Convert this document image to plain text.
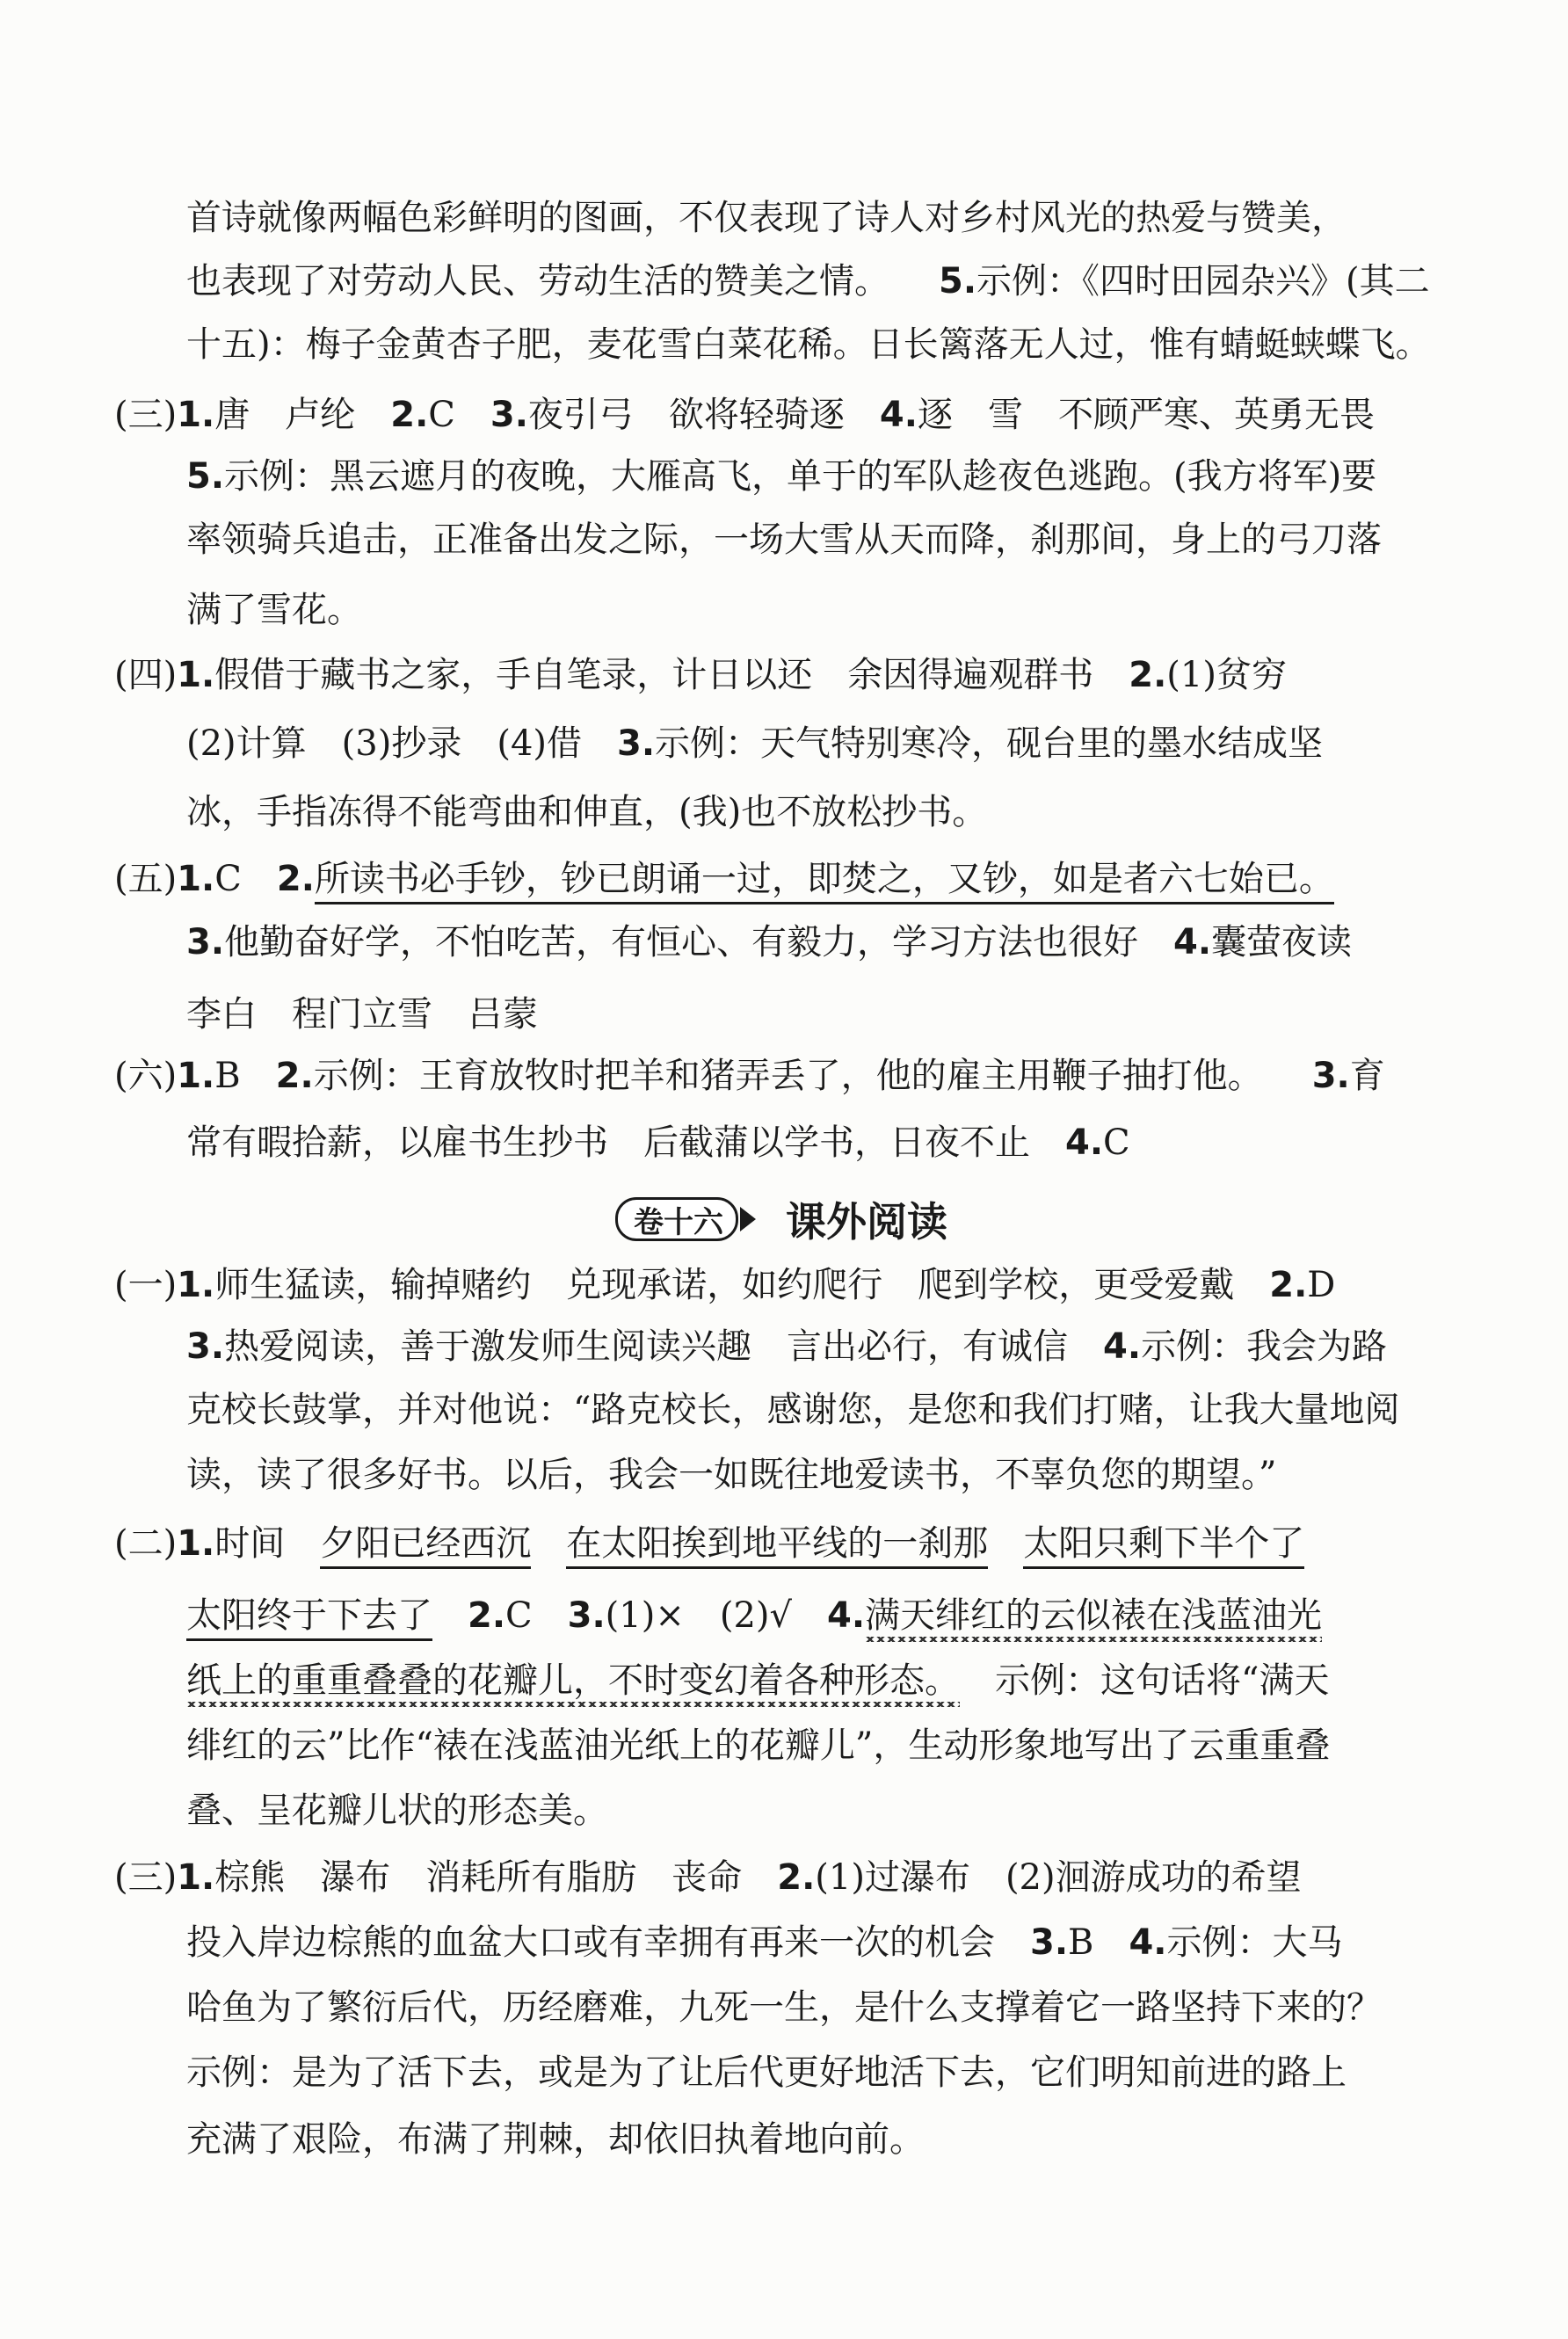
首诗就像两幅色彩鲜明的图画，不仅表现了诗人对乡村风光的热爱与赞美，
也表现了对劳动人民、劳动生活的赞美之情。 5.示例：《四时田园杂兴》(其二
十五)：梅子金黄杏子肥，麦花雪白菜花稀。日长篱落无人过，惟有蜻蜓蛱蝶飞。
(三)1.唐 卢纶 2.C 3.夜引弓 欲将轻骑逐 4.逐 雪 不顾严寒、英勇无畏
5.示例：黑云遮月的夜晚，大雁高飞，单于的军队趁夜色逃跑。(我方将军)要
率领骑兵追击，正准备出发之际，一场大雪从天而降，刹那间，身上的弓刀落
满了雪花。
(四)1.假借于藏书之家，手自笔录，计日以还 余因得遍观群书 2.(1)贫穷
(2)计算 (3)抄录 (4)借 3.示例：天气特别寒冷，砚台里的墨水结成坚
冰，手指冻得不能弯曲和伸直，(我)也不放松抄书。
(五)1.C 2.所读书必手钞，钞已朗诵一过，即焚之，又钞，如是者六七始已。
3.他勤奋好学，不怕吃苦，有恒心、有毅力，学习方法也很好 4.囊萤夜读
李白 程门立雪 吕蒙
(六)1.B 2.示例：王育放牧时把羊和猪弄丢了，他的雇主用鞭子抽打他。 3.育
常有暇拾薪，以雇书生抄书 后截蒲以学书，日夜不止 4.C
卷十六 课外阅读
(一)1.师生猛读，输掉赌约 兑现承诺，如约爬行 爬到学校，更受爱戴 2.D
3.热爱阅读，善于激发师生阅读兴趣 言出必行，有诚信 4.示例：我会为路
克校长鼓掌，并对他说：“路克校长，感谢您，是您和我们打赌，让我大量地阅
读，读了很多好书。以后，我会一如既往地爱读书，不辜负您的期望。”
(二)1.时间 夕阳已经西沉 在太阳挨到地平线的一刹那 太阳只剩下半个了
太阳终于下去了 2.C 3.(1)× (2)√ 4.满天绯红的云似裱在浅蓝油光
纸上的重重叠叠的花瓣儿，不时变幻着各种形态。 示例：这句话将“满天
绯红的云”比作“裱在浅蓝油光纸上的花瓣儿”，生动形象地写出了云重重叠
叠、呈花瓣儿状的形态美。
(三)1.棕熊 瀑布 消耗所有脂肪 丧命 2.(1)过瀑布 (2)洄游成功的希望
投入岸边棕熊的血盆大口或有幸拥有再来一次的机会 3.B 4.示例：大马
哈鱼为了繁衍后代，历经磨难，九死一生，是什么支撑着它一路坚持下来的？
示例：是为了活下去，或是为了让后代更好地活下去，它们明知前进的路上
充满了艰险，布满了荆棘，却依旧执着地向前。
